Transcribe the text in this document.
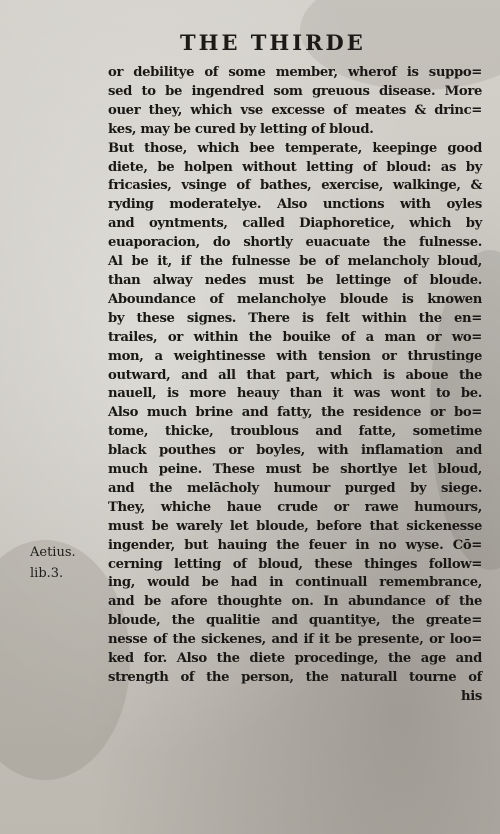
THE THIRDE
Aetius.
lib.3.
or debilitye of some member, wherof is suppo=
sed to be ingendred som greuous disease. More
ouer they, which vse excesse of meates & drinc=
kes, may be cured by letting of bloud.
But those, which bee temperate, keepinge good
diete, be holpen without letting of bloud: as by
fricasies, vsinge of bathes, exercise, walkinge, &
ryding moderatelye. Also unctions with oyles
and oyntments, called Diaphoretice, which by
euaporacion, do shortly euacuate the fulnesse.
Al be it, if the fulnesse be of melancholy bloud,
than alway nedes must be lettinge of bloude.
Aboundance of melancholye bloude is knowen
by these signes. There is felt within the en=
trailes, or within the bouike of a man or wo=
mon, a weightinesse with tension or thrustinge
outward, and all that part, which is aboue the
nauell, is more heauy than it was wont to be.
Also much brine and fatty, the residence or bo=
tome, thicke, troublous and fatte, sometime
black pouthes or boyles, with inflamation and
much peine. These must be shortlye let bloud,
and the melācholy humour purged by siege.
They, whiche haue crude or rawe humours,
must be warely let bloude, before that sickenesse
ingender, but hauing the feuer in no wyse. Cō=
cerning letting of bloud, these thinges follow=
ing, would be had in continuall remembrance,
and be afore thoughte on. In abundance of the
bloude, the qualitie and quantitye, the greate=
nesse of the sickenes, and if it be presente, or loo=
ked for. Also the diete procedinge, the age and
strength of the person, the naturall tourne of
his
